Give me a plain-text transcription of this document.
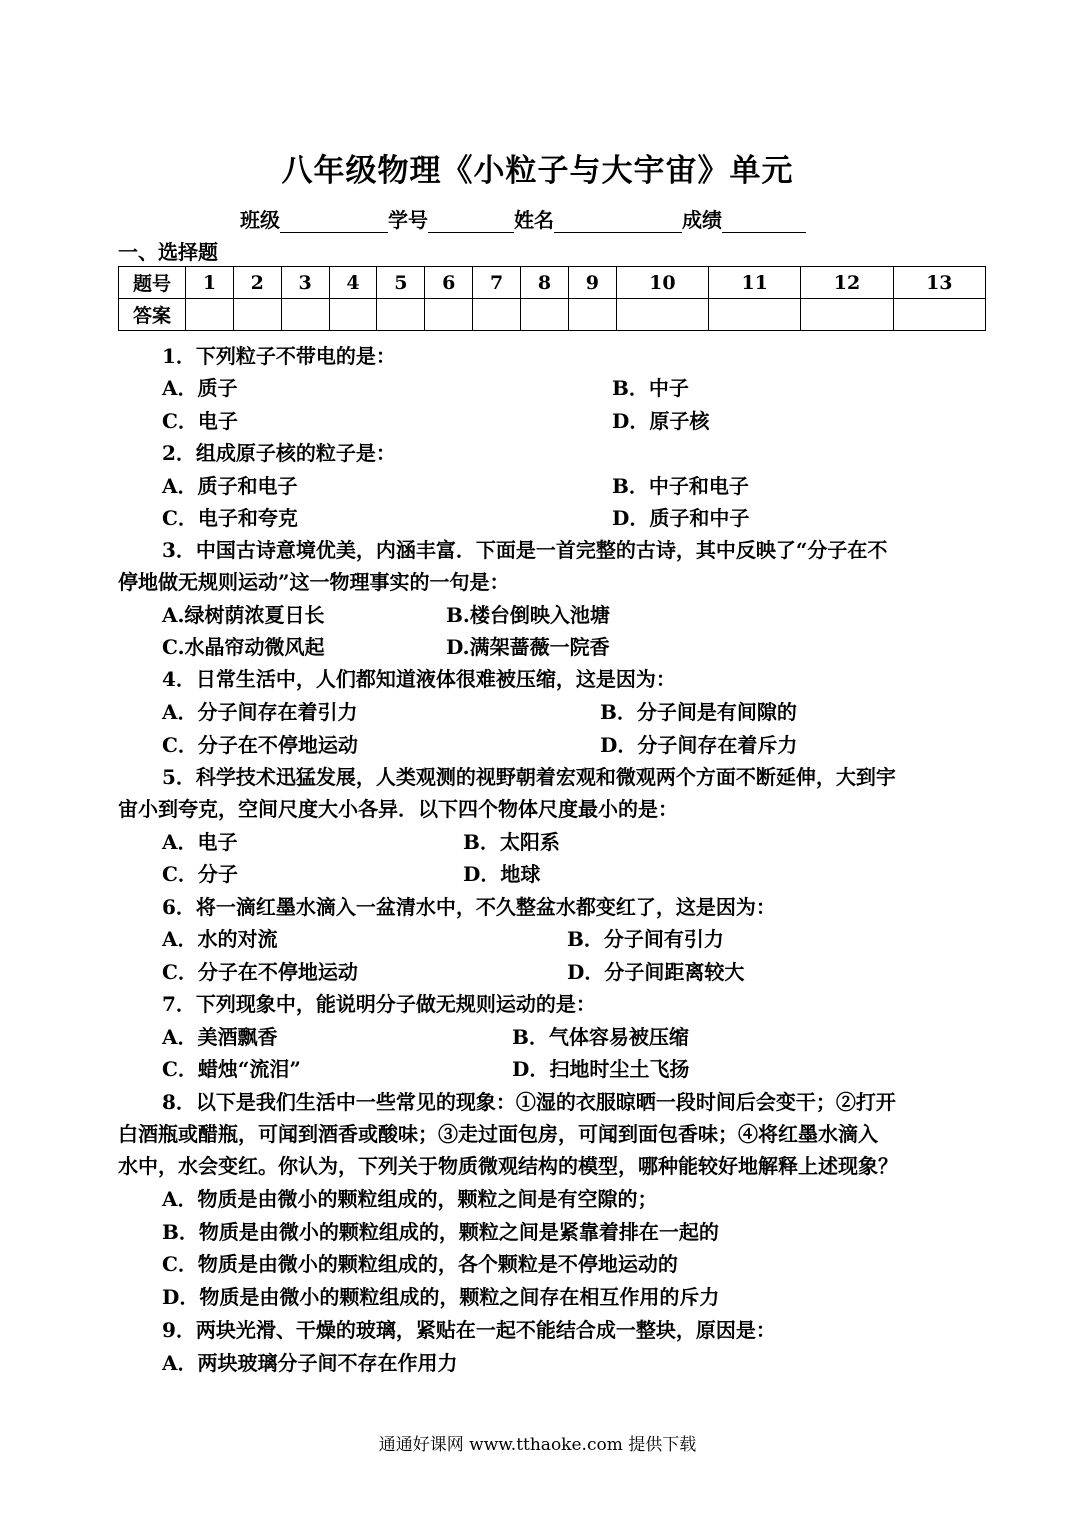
八年级物理《小粒子与大宇宙》单元
班级	学号	姓名	成绩
一、选择题
题号	1	2	3	4	5	6	7	8	9	10	11	12	13
答案													
1．下列粒子不带电的是：
A．质子	B．中子
C．电子	D．原子核
2．组成原子核的粒子是：
A．质子和电子	B．中子和电子
C．电子和夸克	D．质子和中子
3．中国古诗意境优美，内涵丰富．下面是一首完整的古诗，其中反映了“分子在不
停地做无规则运动”这一物理事实的一句是：
A.绿树荫浓夏日长	B.楼台倒映入池塘
C.水晶帘动微风起	D.满架蔷薇一院香
4．日常生活中，人们都知道液体很难被压缩，这是因为：
A．分子间存在着引力	B．分子间是有间隙的
C．分子在不停地运动	D．分子间存在着斥力
5．科学技术迅猛发展，人类观测的视野朝着宏观和微观两个方面不断延伸，大到宇
宙小到夸克，空间尺度大小各异．以下四个物体尺度最小的是：
A．电子	B．太阳系
C．分子	D．地球
6．将一滴红墨水滴入一盆清水中，不久整盆水都变红了，这是因为：
A．水的对流	B．分子间有引力
C．分子在不停地运动	D．分子间距离较大
7．下列现象中，能说明分子做无规则运动的是：
A．美酒飘香	B．气体容易被压缩
C．蜡烛“流泪”	D．扫地时尘土飞扬
8．以下是我们生活中一些常见的现象：①湿的衣服晾晒一段时间后会变干；②打开
白酒瓶或醋瓶，可闻到酒香或酸味；③走过面包房，可闻到面包香味；④将红墨水滴入
水中，水会变红。你认为，下列关于物质微观结构的模型，哪种能较好地解释上述现象？
A．物质是由微小的颗粒组成的，颗粒之间是有空隙的；
B．物质是由微小的颗粒组成的，颗粒之间是紧靠着排在一起的
C．物质是由微小的颗粒组成的，各个颗粒是不停地运动的
D．物质是由微小的颗粒组成的，颗粒之间存在相互作用的斥力
9．两块光滑、干燥的玻璃，紧贴在一起不能结合成一整块，原因是：
A．两块玻璃分子间不存在作用力
通通好课网 www.tthaoke.com 提供下载
